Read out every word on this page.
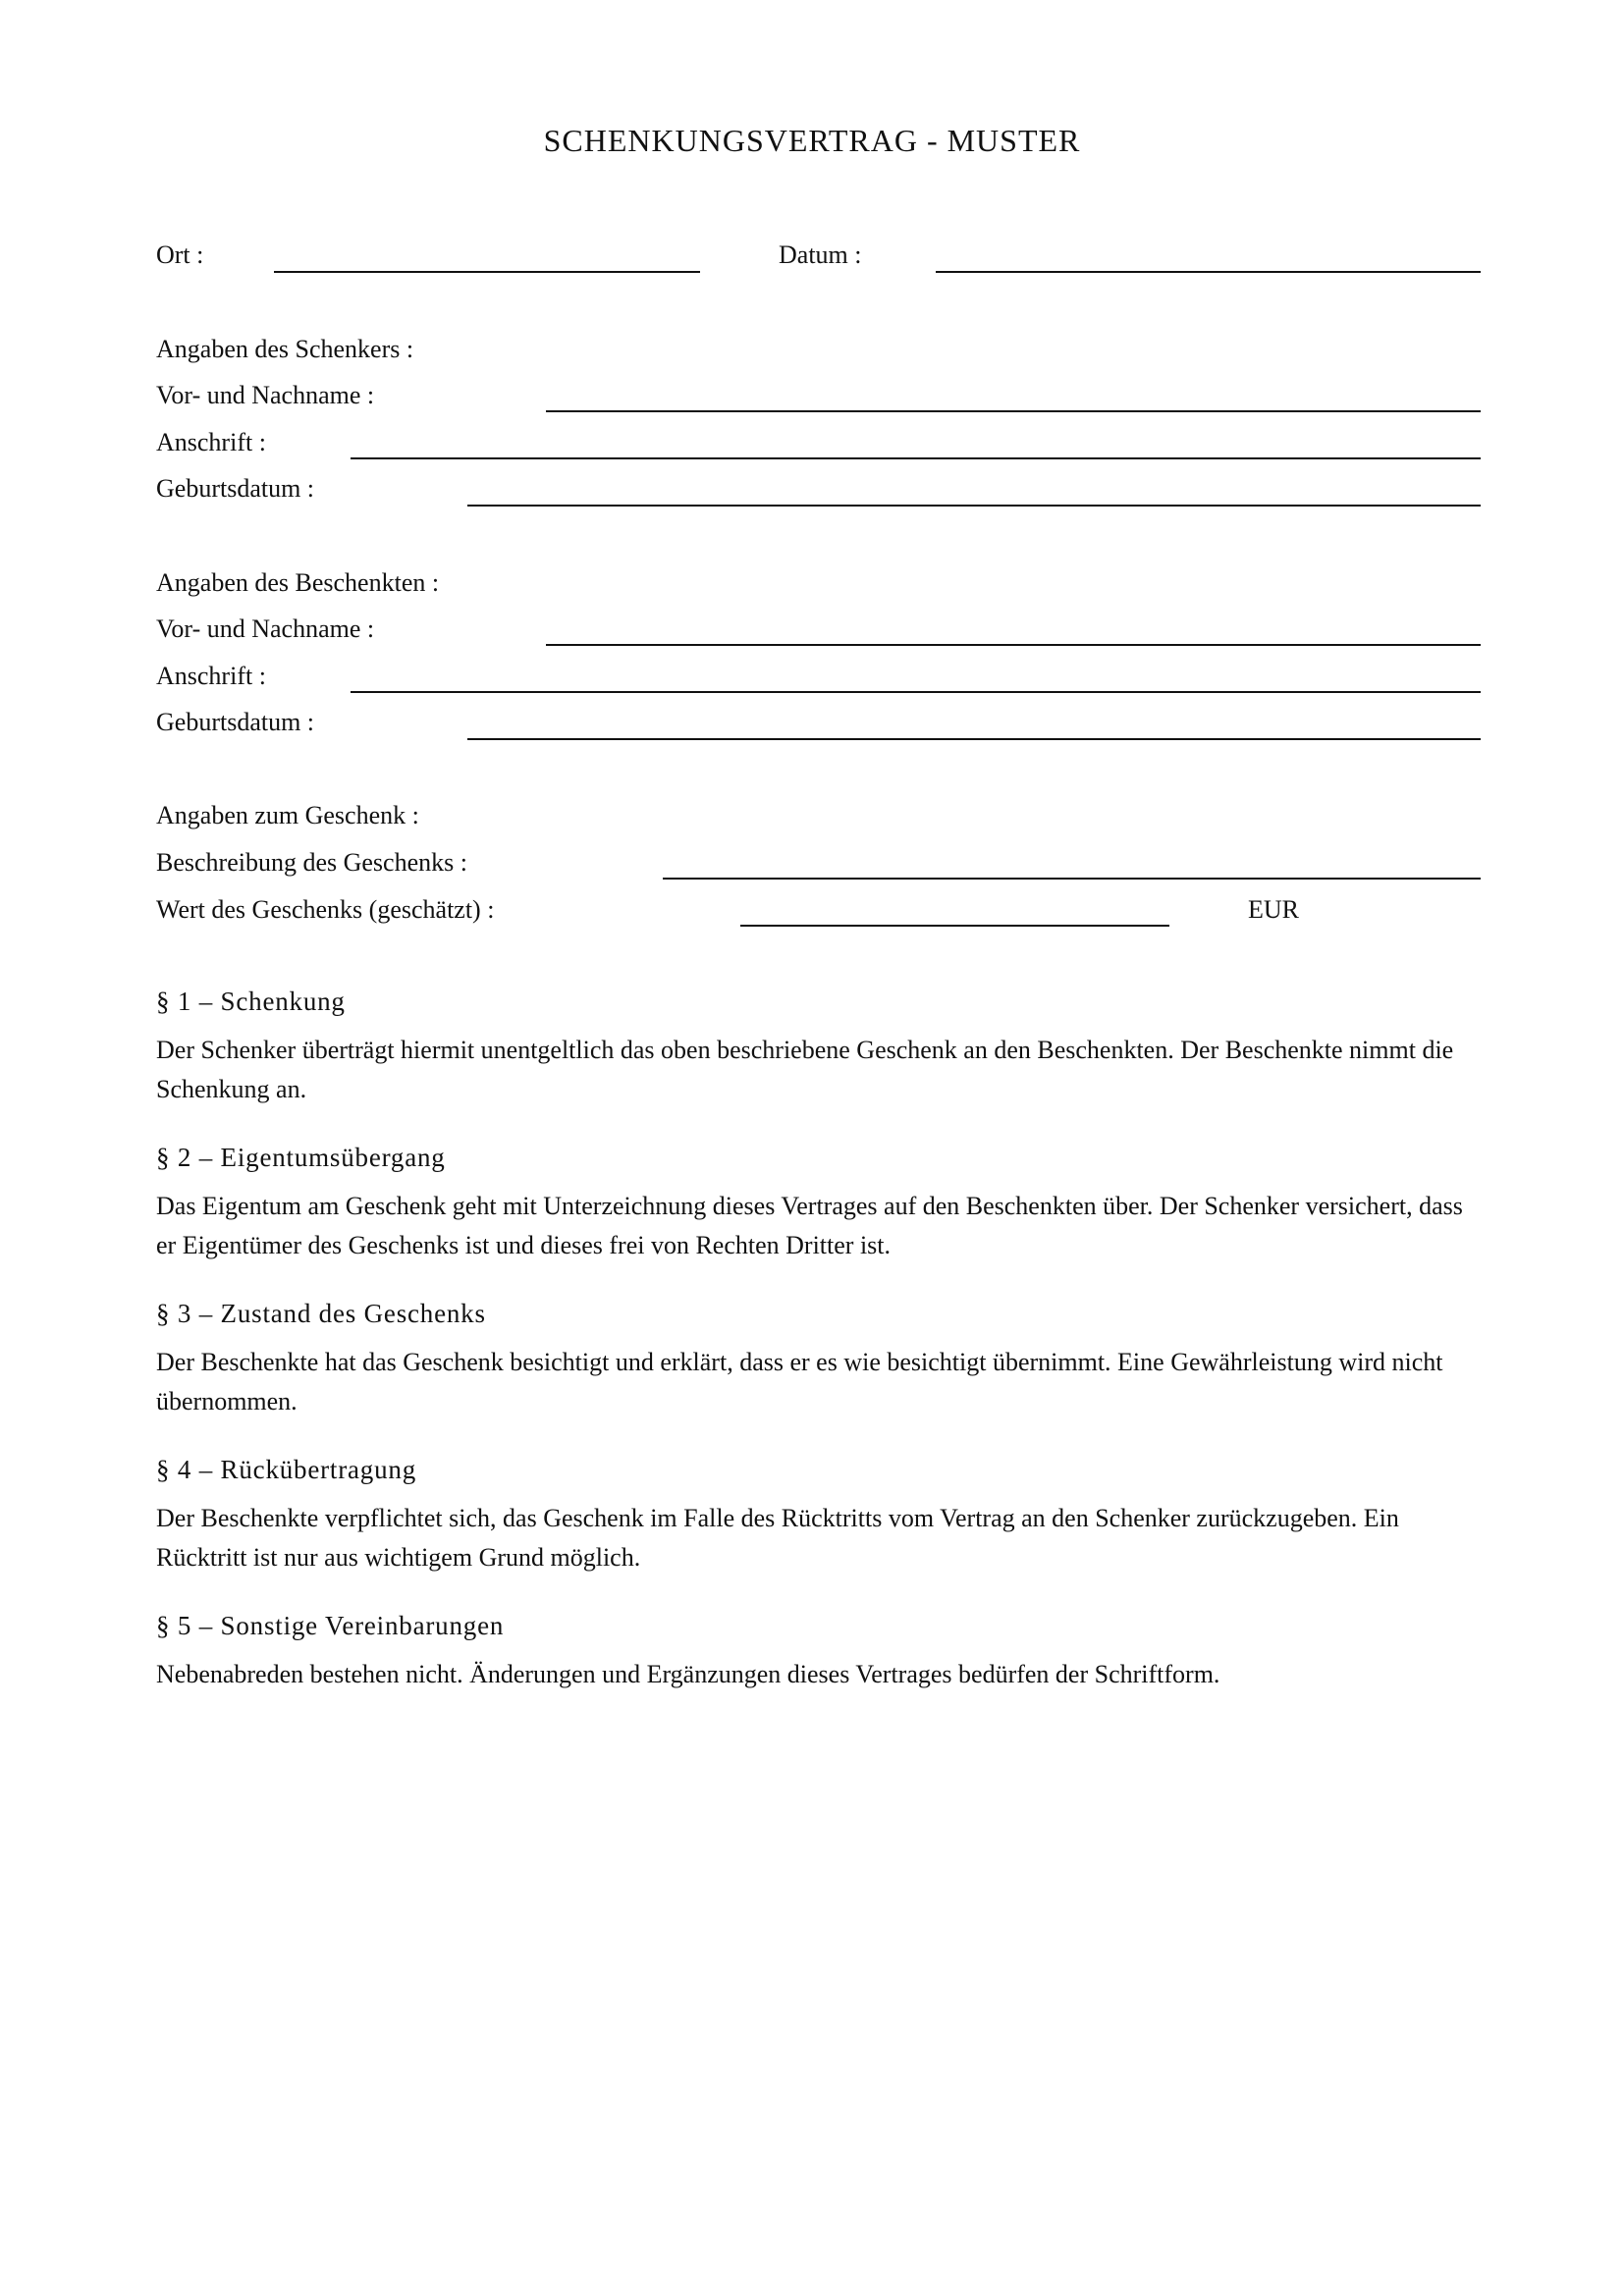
SCHENKUNGSVERTRAG - MUSTER
Ort :	Datum :
Angaben des Schenkers :
Vor- und Nachname :
Anschrift :
Geburtsdatum :
Angaben des Beschenkten :
Vor- und Nachname :
Anschrift :
Geburtsdatum :
Angaben zum Geschenk :
Beschreibung des Geschenks :
Wert des Geschenks (geschätzt) :	EUR
§ 1 – Schenkung
Der Schenker überträgt hiermit unentgeltlich das oben beschriebene Geschenk an den Beschenkten. Der Beschenkte nimmt die Schenkung an.
§ 2 – Eigentumsübergang
Das Eigentum am Geschenk geht mit Unterzeichnung dieses Vertrages auf den Beschenkten über. Der Schenker versichert, dass er Eigentümer des Geschenks ist und dieses frei von Rechten Dritter ist.
§ 3 – Zustand des Geschenks
Der Beschenkte hat das Geschenk besichtigt und erklärt, dass er es wie besichtigt übernimmt. Eine Gewährleistung wird nicht übernommen.
§ 4 – Rückübertragung
Der Beschenkte verpflichtet sich, das Geschenk im Falle des Rücktritts vom Vertrag an den Schenker zurückzugeben. Ein Rücktritt ist nur aus wichtigem Grund möglich.
§ 5 – Sonstige Vereinbarungen
Nebenabreden bestehen nicht. Änderungen und Ergänzungen dieses Vertrages bedürfen der Schriftform.
